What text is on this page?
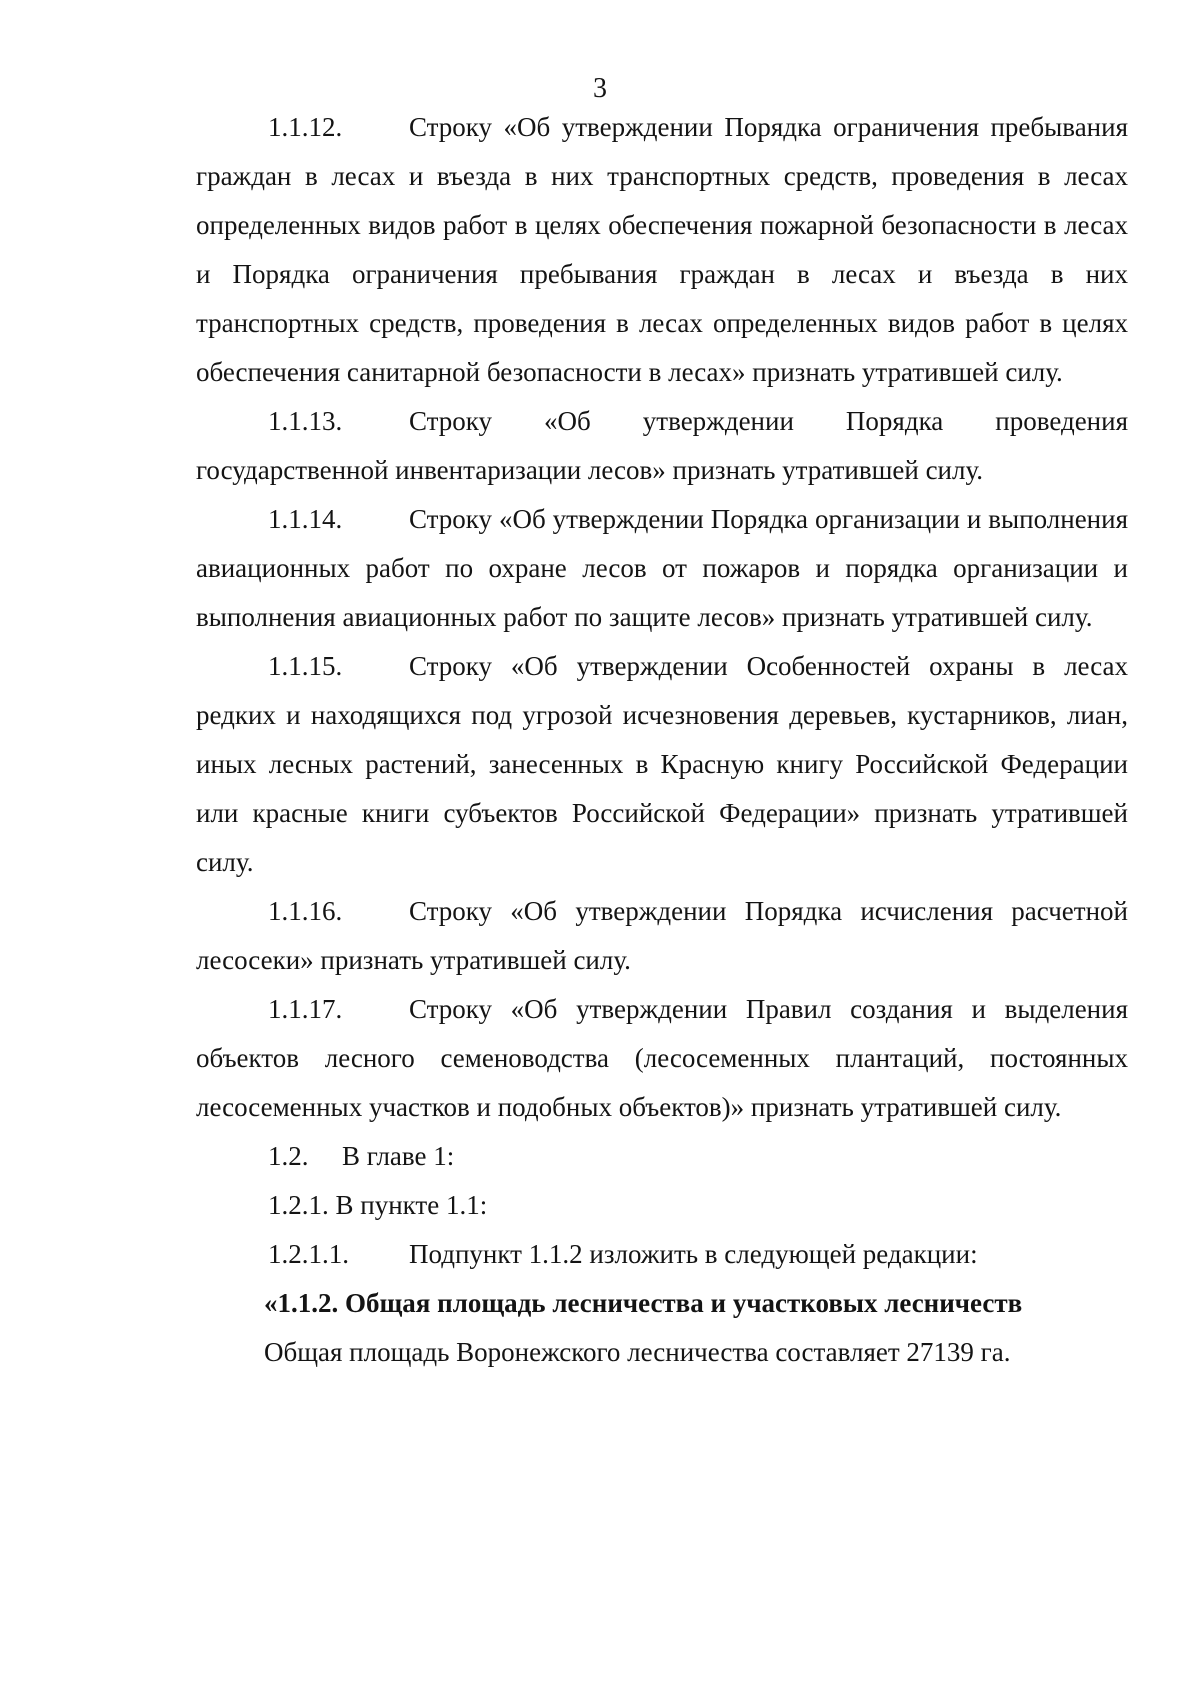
3

1.1.12. Строку «Об утверждении Порядка ограничения пребывания граждан в лесах и въезда в них транспортных средств, проведения в лесах определенных видов работ в целях обеспечения пожарной безопасности в лесах и Порядка ограничения пребывания граждан в лесах и въезда в них транспортных средств, проведения в лесах определенных видов работ в целях обеспечения санитарной безопасности в лесах» признать утратившей силу.

1.1.13. Строку «Об утверждении Порядка проведения государственной инвентаризации лесов» признать утратившей силу.

1.1.14. Строку «Об утверждении Порядка организации и выполнения авиационных работ по охране лесов от пожаров и порядка организации и выполнения авиационных работ по защите лесов» признать утратившей силу.

1.1.15. Строку «Об утверждении Особенностей охраны в лесах редких и находящихся под угрозой исчезновения деревьев, кустарников, лиан, иных лесных растений, занесенных в Красную книгу Российской Федерации или красные книги субъектов Российской Федерации» признать утратившей силу.

1.1.16. Строку «Об утверждении Порядка исчисления расчетной лесосеки» признать утратившей силу.

1.1.17. Строку «Об утверждении Правил создания и выделения объектов лесного семеноводства (лесосеменных плантаций, постоянных лесосеменных участков и подобных объектов)» признать утратившей силу.

1.2. В главе 1:

1.2.1. В пункте 1.1:

1.2.1.1. Подпункт 1.1.2 изложить в следующей редакции:

«1.1.2. Общая площадь лесничества и участковых лесничеств

Общая площадь Воронежского лесничества составляет 27139 га.
